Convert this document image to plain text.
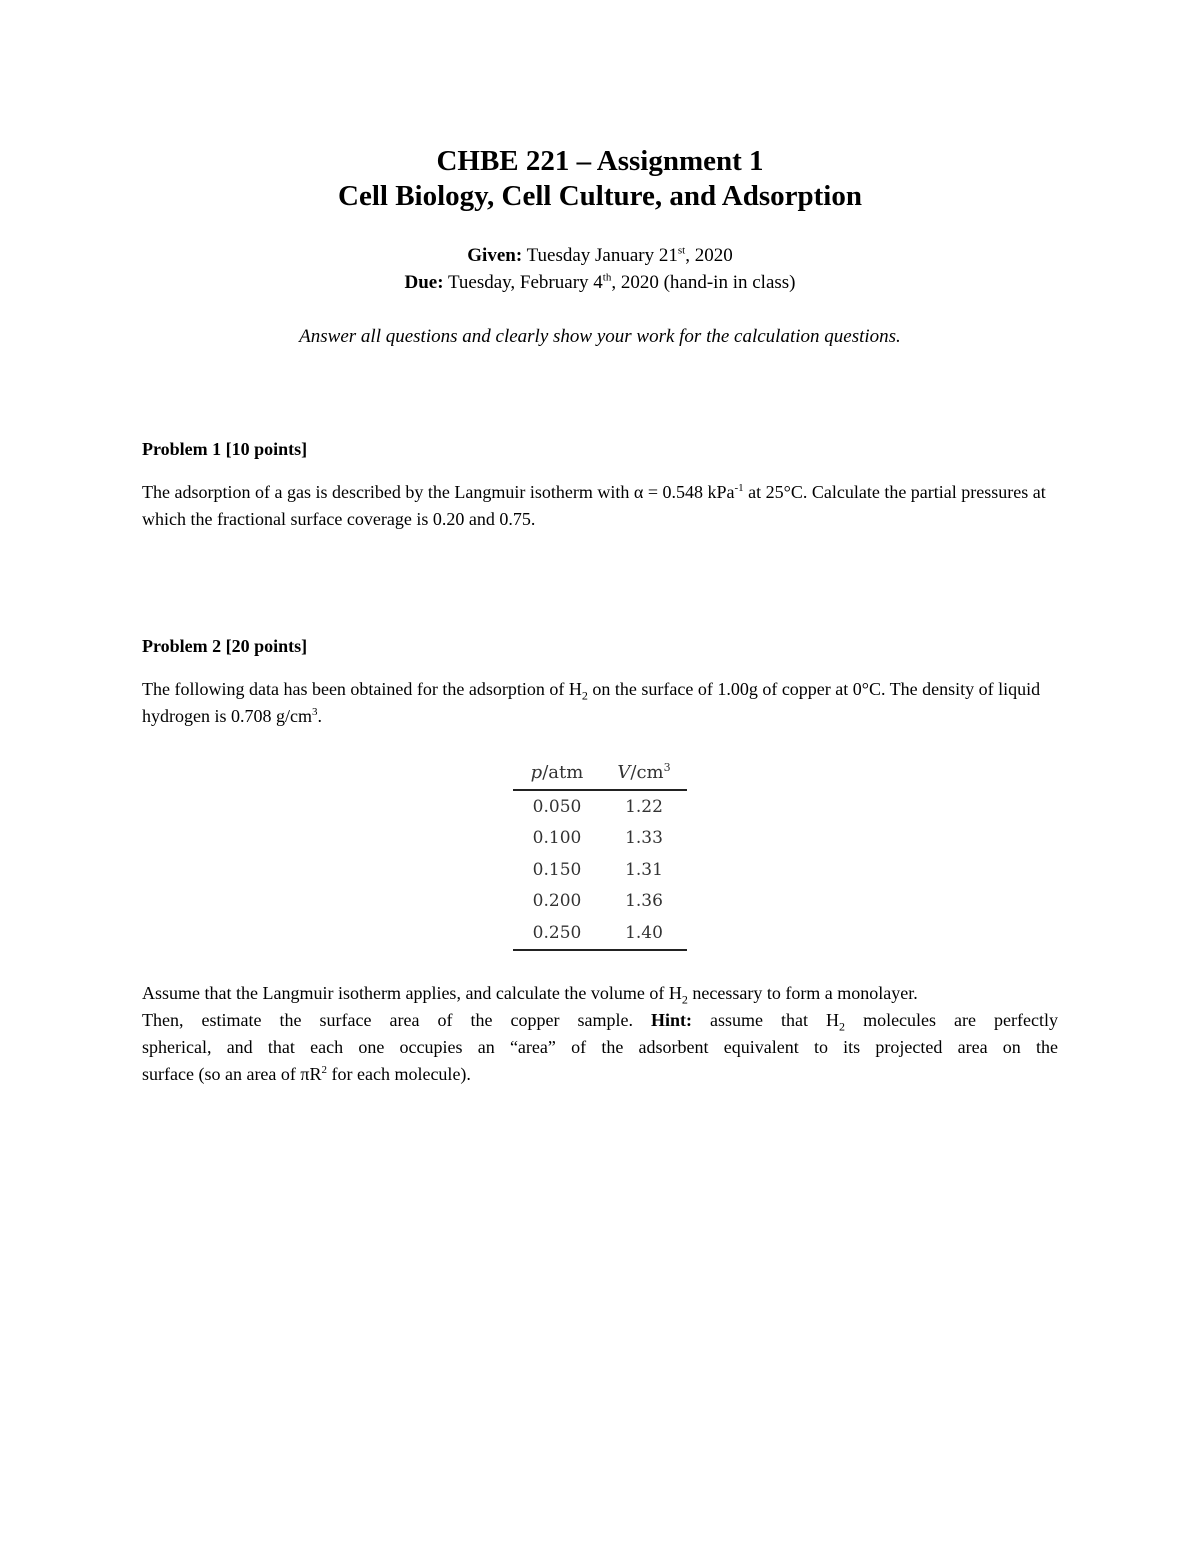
CHBE 221 – Assignment 1
Cell Biology, Cell Culture, and Adsorption
Given: Tuesday January 21st, 2020
Due: Tuesday, February 4th, 2020 (hand-in in class)
Answer all questions and clearly show your work for the calculation questions.
Problem 1 [10 points]
The adsorption of a gas is described by the Langmuir isotherm with α = 0.548 kPa$^{-1}$ at 25°C. Calculate the partial pressures at which the fractional surface coverage is 0.20 and 0.75.
Problem 2 [20 points]
The following data has been obtained for the adsorption of $H_2$ on the surface of 1.00g of copper at 0°C. The density of liquid hydrogen is 0.708 $g/cm^3$.
p/atm	$V/cm^3$
0.050	1.22
0.100	1.33
0.150	1.31
0.200	1.36
0.250	1.40
Assume that the Langmuir isotherm applies, and calculate the volume of $H_2$ necessary to form a monolayer.
Then, estimate the surface area of the copper sample. Hint: assume that $H_2$ molecules are perfectly
spherical, and that each one occupies an “area” of the adsorbent equivalent to its projected area on the
surface (so an area of $\pi R^2$ for each molecule).
